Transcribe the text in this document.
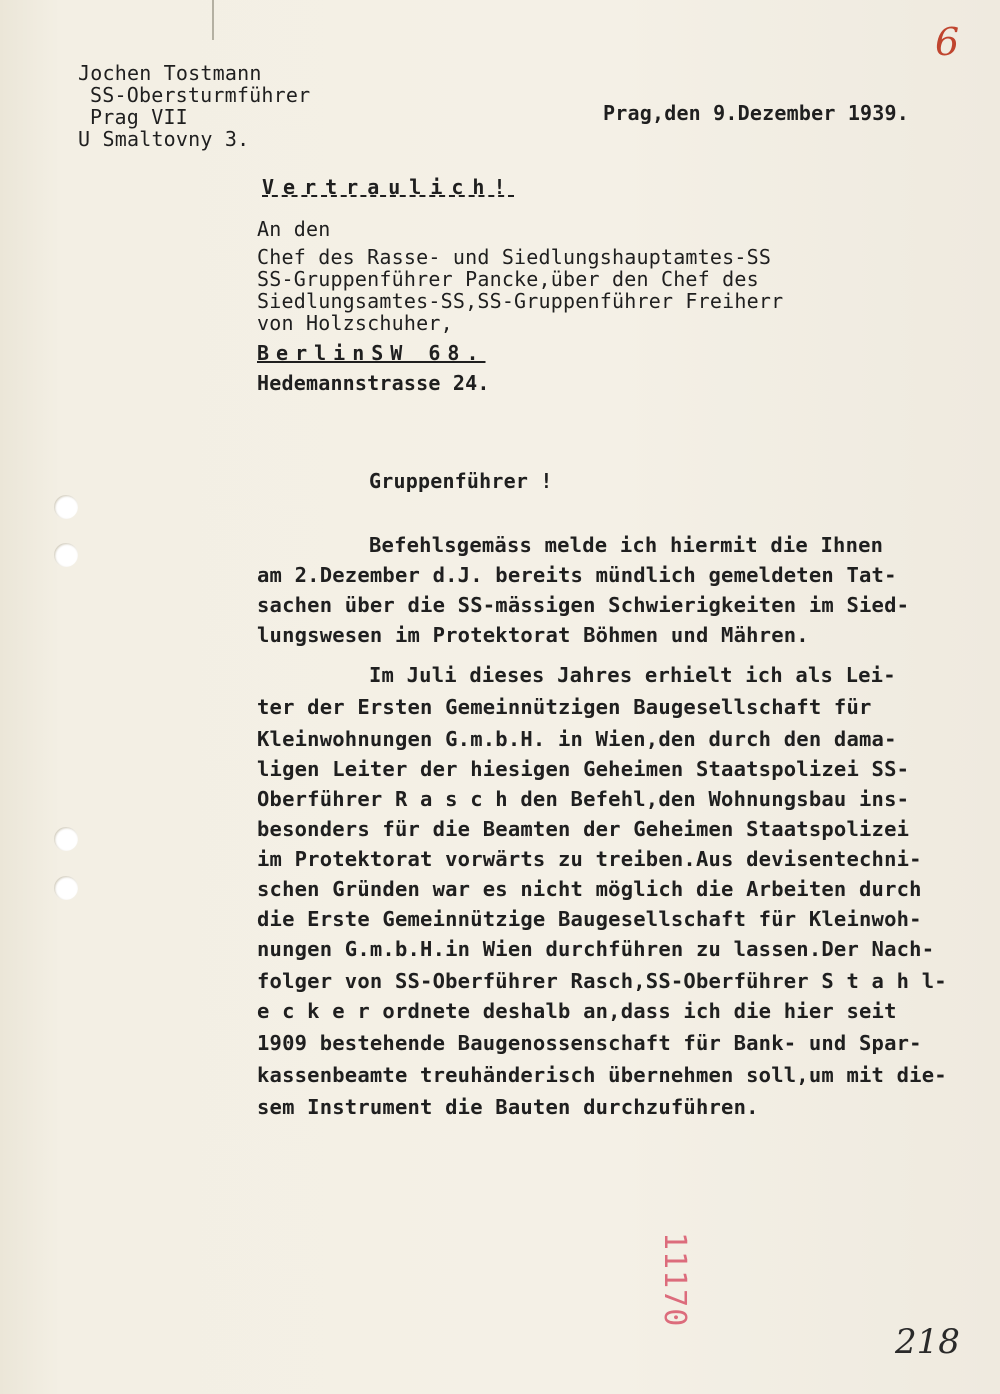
6
218
11170
Jochen Tostmann
SS-Obersturmführer
Prag VII
U Smaltovny 3.
Prag,den 9.Dezember 1939.
Vertraulich!
An den
Chef des Rasse- und Siedlungshauptamtes-SS
SS-Gruppenführer Pancke,über den Chef des
Siedlungsamtes-SS,SS-Gruppenführer Freiherr
von Holzschuher,
BerlinSW 68.
Hedemannstrasse 24.
Gruppenführer !
Befehlsgemäss melde ich hiermit die Ihnen
am 2.Dezember d.J. bereits mündlich gemeldeten Tat-
sachen über die SS-mässigen Schwierigkeiten im Sied-
lungswesen im Protektorat Böhmen und Mähren.
Im Juli dieses Jahres erhielt ich als Lei-
ter der Ersten Gemeinnützigen Baugesellschaft für
Kleinwohnungen G.m.b.H. in Wien,den durch den dama-
ligen Leiter der hiesigen Geheimen Staatspolizei SS-
Oberführer R a s c h den Befehl,den Wohnungsbau ins-
besonders für die Beamten der Geheimen Staatspolizei
im Protektorat vorwärts zu treiben.Aus devisentechni-
schen Gründen war es nicht möglich die Arbeiten durch
die Erste Gemeinnützige Baugesellschaft für Kleinwoh-
nungen G.m.b.H.in Wien durchführen zu lassen.Der Nach-
folger von SS-Oberführer Rasch,SS-Oberführer S t a h l-
e c k e r ordnete deshalb an,dass ich die hier seit
1909 bestehende Baugenossenschaft für Bank- und Spar-
kassenbeamte treuhänderisch übernehmen soll,um mit die-
sem Instrument die Bauten durchzuführen.
